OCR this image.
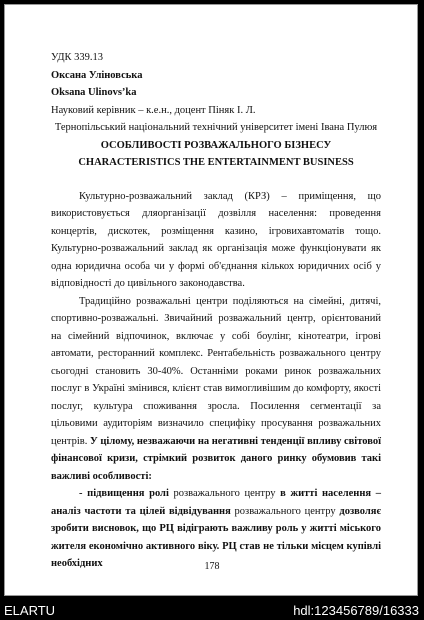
УДК 339.13
Оксана Уліновська
Oksana Ulinovs’ka
Науковий керівник – к.е.н., доцент Піняк І. Л.
Тернопільський національний технічний університет імені Івана Пулюя
ОСОБЛИВОСТІ РОЗВАЖАЛЬНОГО БІЗНЕСУ
CHARACTERISTICS THE ENTERTAINMENT BUSINESS

Культурно-розважальний заклад (КРЗ) – приміщення, що використовується дляорганізації дозвілля населення: проведення концертів, дискотек, розміщення казино, ігровихавтоматів тощо. Культурно-розважальний заклад як організація може функціонувати як одна юридична особа чи у формі об'єднання кількох юридичних осіб у відповідності до цивільного законодавства.

Традиційно розважальні центри поділяються на сімейні, дитячі, спортивно-розважальні. Звичайний розважальний центр, орієнтований на сімейний відпочинок, включає у собі боулінг, кінотеатри, ігрові автомати, ресторанний комплекс. Рентабельність розважального центру сьогодні становить 30-40%. Останніми роками ринок розважальних послуг в Україні змінився, клієнт став вимогливішим до комфорту, якості послуг, культура споживання зросла. Посилення сегментації за цільовими аудиторіям визначило специфіку просування розважальних центрів. У цілому, незважаючи на негативні тенденції впливу світової фінансової кризи, стрімкий розвиток даного ринку обумовив такі важливі особливості:

- підвищення ролі розважального центру в житті населення – аналіз частоти та цілей відвідування розважального центру дозволяє зробити висновок, що РЦ відіграють важливу роль у житті міського жителя економічно активного віку. РЦ став не тільки місцем купівлі необхідних	178
ELARTU	hdl:123456789/16333
